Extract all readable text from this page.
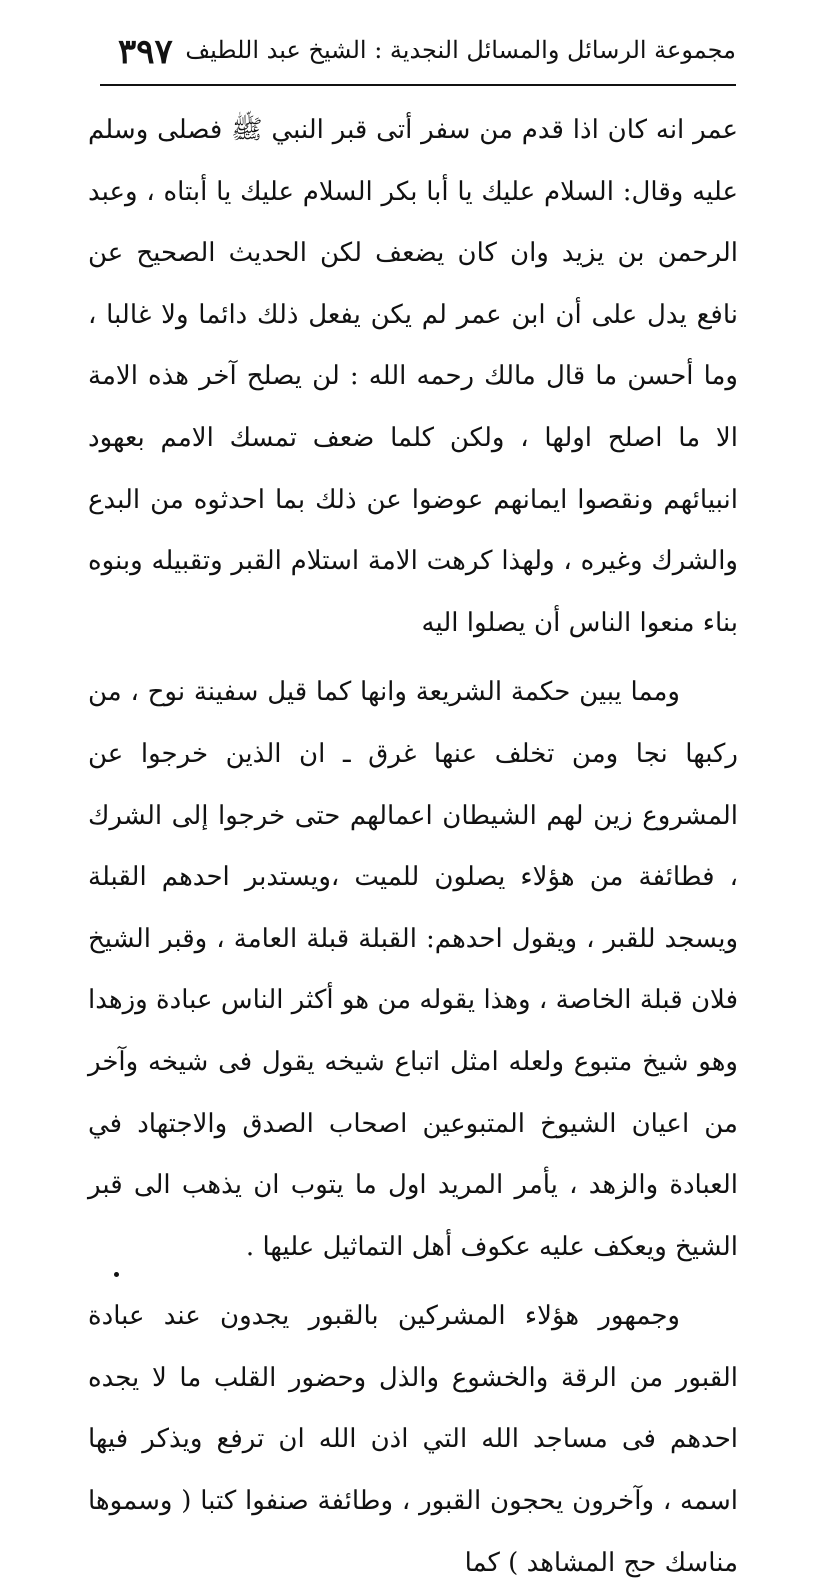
مجموعة الرسائل والمسائل النجدية : الشيخ عبد اللطيف
٣٩٧

عمر انه كان اذا قدم من سفر أتى قبر النبي ﷺ فصلى وسلم عليه وقال: السلام عليك يا أبا بكر السلام عليك يا أبتاه ، وعبد الرحمن بن يزيد وان كان يضعف لكن الحديث الصحيح عن نافع يدل على أن ابن عمر لم يكن يفعل ذلك دائما ولا غالبا ، وما أحسن ما قال مالك رحمه الله : لن يصلح آخر هذه الامة الا ما اصلح اولها ، ولكن كلما ضعف تمسك الامم بعهود انبيائهم ونقصوا ايمانهم عوضوا عن ذلك بما احدثوه من البدع والشرك وغيره ، ولهذا كرهت الامة استلام القبر وتقبيله وبنوه بناء منعوا الناس أن يصلوا اليه

ومما يبين حكمة الشريعة وانها كما قيل سفينة نوح ، من ركبها نجا ومن تخلف عنها غرق ـ ان الذين خرجوا عن المشروع زين لهم الشيطان اعمالهم حتى خرجوا إلى الشرك ، فطائفة من هؤلاء يصلون للميت ،ويستدبر احدهم القبلة ويسجد للقبر ، ويقول احدهم: القبلة قبلة العامة ، وقبر الشيخ فلان قبلة الخاصة ، وهذا يقوله من هو أكثر الناس عبادة وزهدا وهو شيخ متبوع ولعله امثل اتباع شيخه يقول فى شيخه وآخر من اعيان الشيوخ المتبوعين اصحاب الصدق والاجتهاد في العبادة والزهد ، يأمر المريد اول ما يتوب ان يذهب الى قبر الشيخ ويعكف عليه عكوف أهل التماثيل عليها .

وجمهور هؤلاء المشركين بالقبور يجدون عند عبادة القبور من الرقة والخشوع والذل وحضور القلب ما لا يجده احدهم فى مساجد الله التي اذن الله ان ترفع ويذكر فيها اسمه ، وآخرون يحجون القبور ، وطائفة صنفوا كتبا ( وسموها مناسك حج المشاهد ) كما
